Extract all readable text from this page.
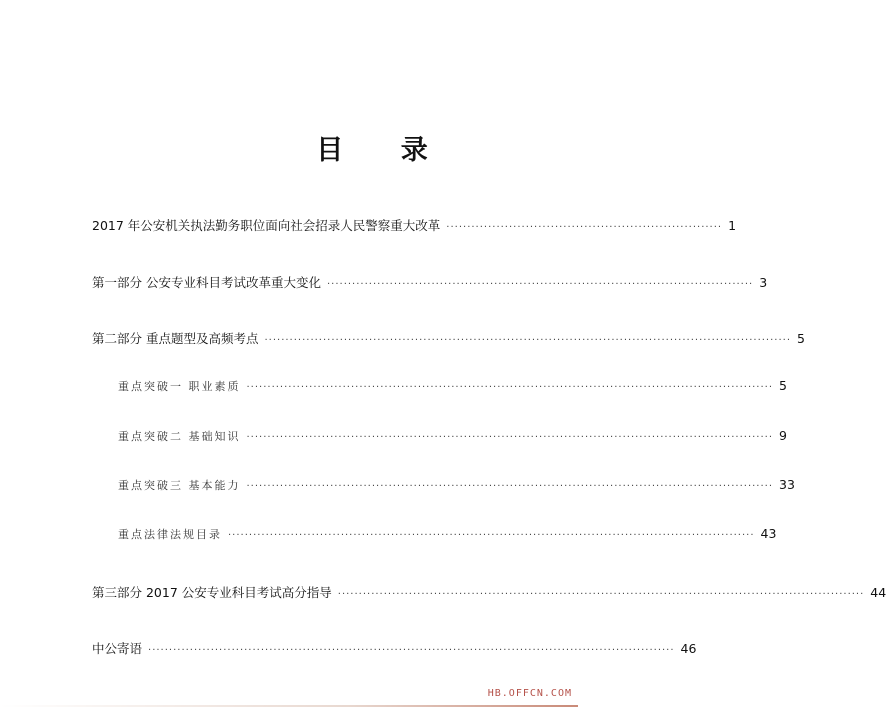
目 录
2017 年公安机关执法勤务职位面向社会招录人民警察重大改革 ·································································· 1
第一部分 公安专业科目考试改革重大变化 ······································································································ 3
第二部分 重点题型及高频考点 ······························································································································ 5
重点突破一 职业素质 ······························································································································ 5
重点突破二 基础知识 ······························································································································ 9
重点突破三 基本能力 ······························································································································ 33
重点法律法规目录 ······························································································································ 43
第三部分 2017 公安专业科目考试高分指导 ······························································································································ 44
中公寄语 ······························································································································ 46
HB.OFFCN.COM
